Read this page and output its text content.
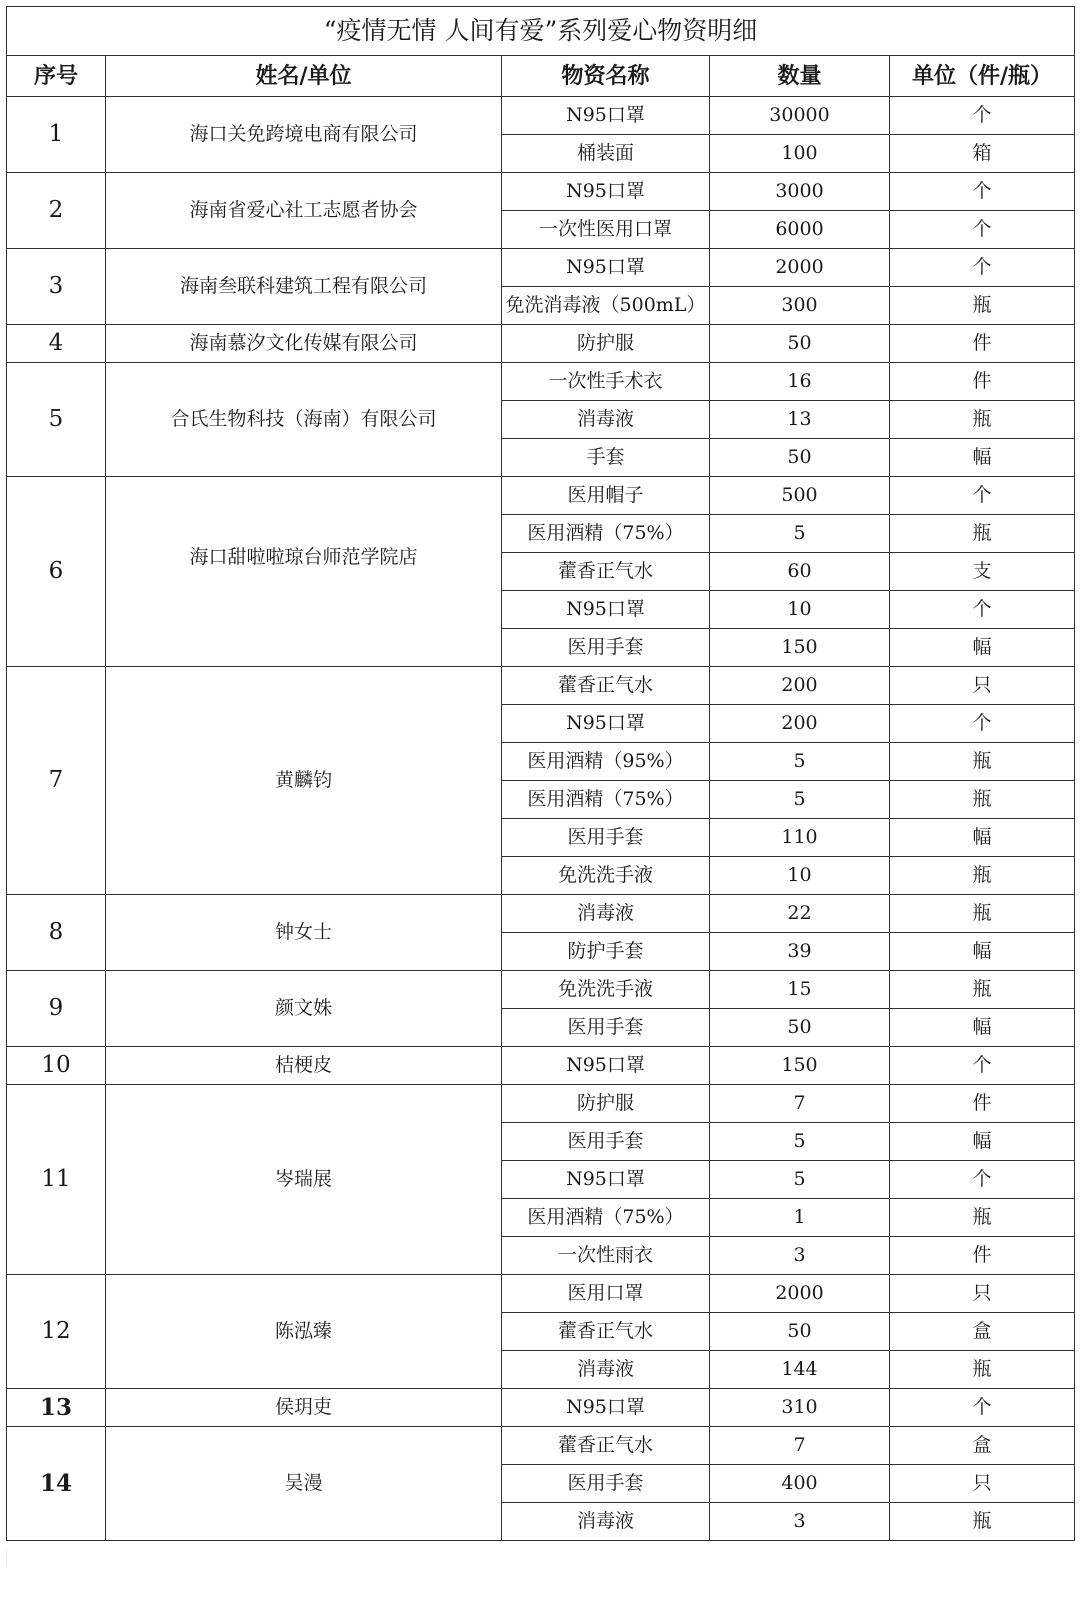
“疫情无情 人间有爱”系列爱心物资明细				
序号	姓名/单位	物资名称	数量	单位（件/瓶）
1	海口关免跨境电商有限公司	N95口罩	30000	个
		桶装面	100	箱
2	海南省爱心社工志愿者协会	N95口罩	3000	个
		一次性医用口罩	6000	个
3	海南叁联科建筑工程有限公司	N95口罩	2000	个
		免洗消毒液（500mL）	300	瓶
4	海南慕汐文化传媒有限公司	防护服	50	件
5	合氏生物科技（海南）有限公司	一次性手术衣	16	件
		消毒液	13	瓶
		手套	50	幅
6	海口甜啦啦琼台师范学院店	医用帽子	500	个
		医用酒精（75%）	5	瓶
		藿香正气水	60	支
		N95口罩	10	个
		医用手套	150	幅
7	黄麟钧	藿香正气水	200	只
		N95口罩	200	个
		医用酒精（95%）	5	瓶
		医用酒精（75%）	5	瓶
		医用手套	110	幅
		免洗洗手液	10	瓶
8	钟女士	消毒液	22	瓶
		防护手套	39	幅
9	颜文姝	免洗洗手液	15	瓶
		医用手套	50	幅
10	桔梗皮	N95口罩	150	个
11	岑瑞展	防护服	7	件
		医用手套	5	幅
		N95口罩	5	个
		医用酒精（75%）	1	瓶
		一次性雨衣	3	件
12	陈泓臻	医用口罩	2000	只
		藿香正气水	50	盒
		消毒液	144	瓶
13	侯玥吏	N95口罩	310	个
14	吴漫	藿香正气水	7	盒
		医用手套	400	只
		消毒液	3	瓶
